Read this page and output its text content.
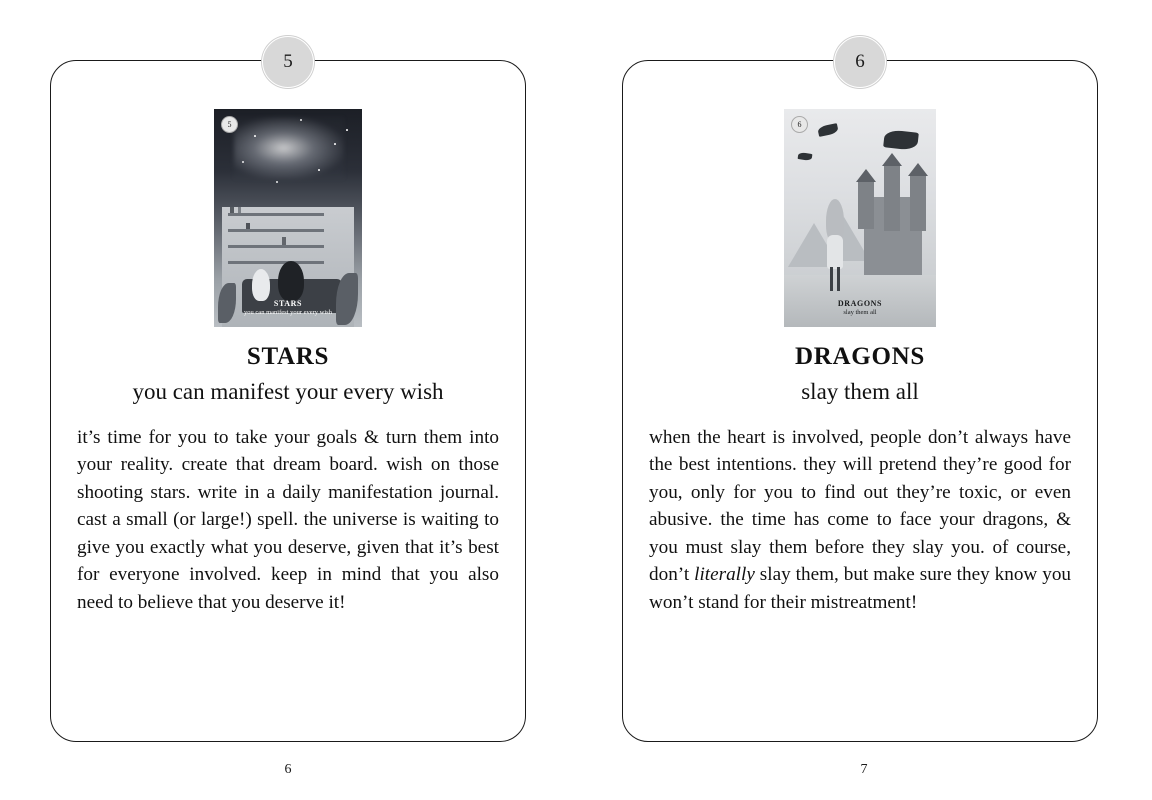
5
5
STARS
you can manifest your every wish
STARS
you can manifest your every wish
it’s time for you to take your goals & turn them into your reality. create that dream board. wish on those shooting stars. write in a daily manifestation journal. cast a small (or large!) spell. the universe is waiting to give you exactly what you deserve, given that it’s best for everyone involved. keep in mind that you also need to believe that you deserve it!
6
6
6
DRAGONS
slay them all
DRAGONS
slay them all
when the heart is involved, people don’t always have the best intentions. they will pretend they’re good for you, only for you to find out they’re toxic, or even abusive. the time has come to face your dragons, & you must slay them before they slay you. of course, don’t literally slay them, but make sure they know you won’t stand for their mistreatment!
7
